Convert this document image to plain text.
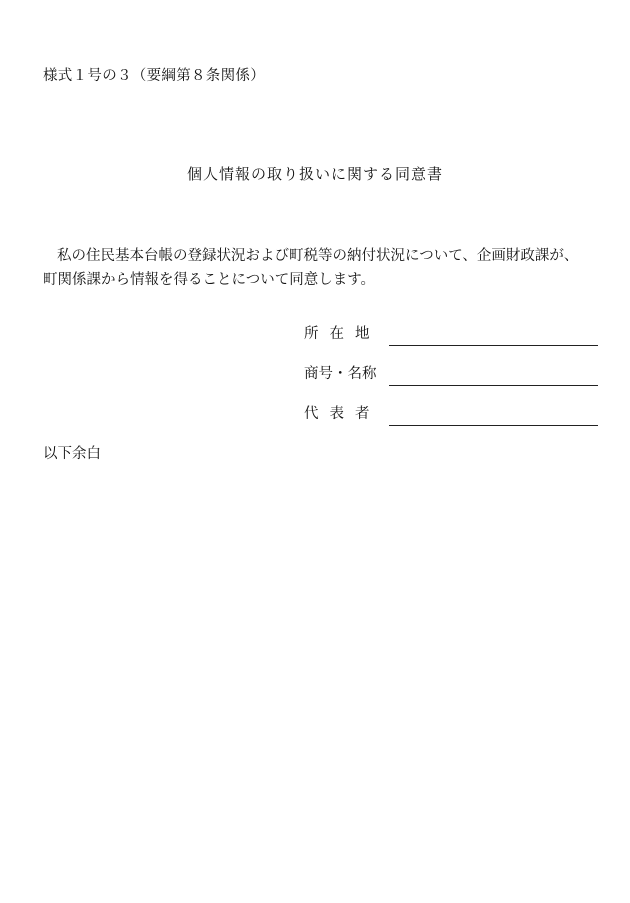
様式１号の３（要綱第８条関係）
個人情報の取り扱いに関する同意書

私の住民基本台帳の登録状況および町税等の納付状況について、企画財政課が、

町関係課から情報を得ることについて同意します。

所在地
商号・名称
代表者
以下余白
